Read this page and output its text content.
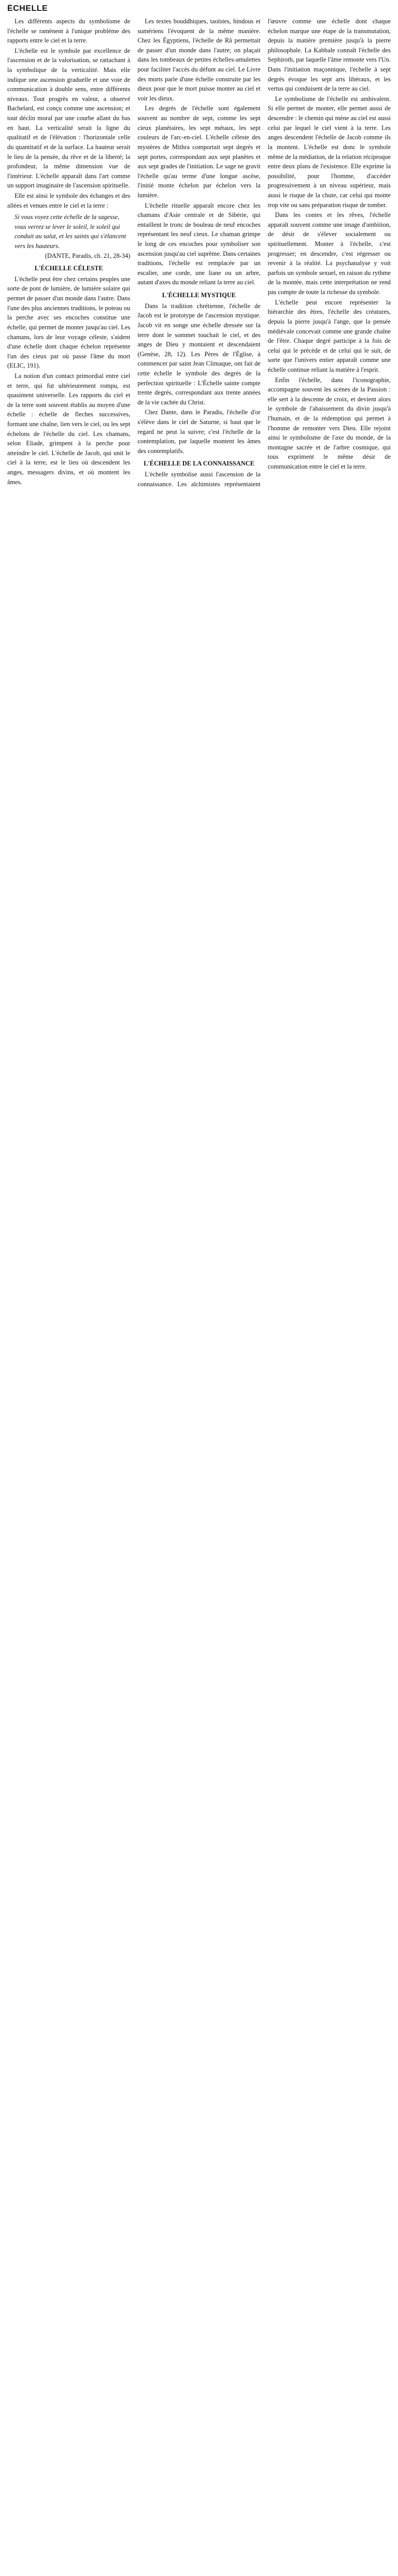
ÉCHELLE

Les différents aspects du symbolisme de l'échelle se ramènent à l'unique problème des rapports entre le ciel et la terre.

L'échelle est le symbole par excellence de l'ascension et de la valorisation, se rattachant à la symbolique de la verticalité. Mais elle indique une ascension graduelle et une voie de communication à double sens, entre différents niveaux. Tout progrès en valeur, a observé Bachelard, est conçu comme une ascension; et tout déclin moral par une courbe allant du bas en haut. La verticalité serait la ligne du qualitatif et de l'élévation : l'horizontale celle du quantitatif et de la surface. La hauteur serait le lieu de la pensée, du rêve et de la liberté; la profondeur, la même dimension vue de l'intérieur. L'échelle apparaît dans l'art comme un support imaginaire de l'ascension spirituelle.

Elle est ainsi le symbole des échanges et des allées et venues entre le ciel et la terre :

Si vous voyez cette échelle de la sagesse, vous verrez se lever le soleil, le soleil qui conduit au salut, et les saints qui s'élancent vers les hauteurs.
(DANTE, Paradis, ch. 21, 28-34)
L'ÉCHELLE CÉLESTE

L'échelle peut être chez certains peuples une sorte de pont de lumière, de lumière solaire qui permet de passer d'un monde dans l'autre. Dans l'une des plus anciennes traditions, le poteau ou la perche avec ses encoches constitue une échelle, qui permet de monter jusqu'au ciel. Les chamans, lors de leur voyage céleste, s'aident d'une échelle dont chaque échelon représente l'un des cieux par où passe l'âme du mort (ELIC, 191).

La notion d'un contact primordial entre ciel et terre, qui fut ultérieurement rompu, est quasiment universelle. Les rapports du ciel et de la terre sont souvent établis au moyen d'une échelle : échelle de fleches successives, formant une chaîne, lien vers le ciel, ou les sept échelons de l'échelle du ciel. Les chamans, selon Eliade, grimpent à la perche pour atteindre le ciel. L'échelle de Jacob, qui unit le ciel à la terre, est le lieu où descendent les anges, messagers divins, et où montent les âmes.

Les textes bouddhiques, taoïstes, hindous et sumériens l'évoquent de la même manière. Chez les Égyptiens, l'échelle de Râ permettait de passer d'un monde dans l'autre; on plaçait dans les tombeaux de petites échelles-amulettes pour faciliter l'accès du défunt au ciel. Le Livre des morts parle d'une échelle construite par les dieux pour que le mort puisse monter au ciel et voir les dieux.

Les degrés de l'échelle sont également souvent au nombre de sept, comme les sept cieux planétaires, les sept métaux, les sept couleurs de l'arc-en-ciel. L'échelle céleste des mystères de Mithra comportait sept degrés et sept portes, correspondant aux sept planètes et aux sept grades de l'initiation. Le sage ne gravit l'échelle qu'au terme d'une longue ascèse, l'initié monte échelon par échelon vers la lumière.

L'échelle rituelle apparaît encore chez les chamans d'Asie centrale et de Sibérie, qui entaillent le tronc de bouleau de neuf encoches représentant les neuf cieux. Le chaman grimpe le long de ces encoches pour symboliser son ascension jusqu'au ciel suprême. Dans certaines traditions, l'échelle est remplacée par un escalier, une corde, une liane ou un arbre, autant d'axes du monde reliant la terre au ciel.

L'ÉCHELLE MYSTIQUE

Dans la tradition chrétienne, l'échelle de Jacob est le prototype de l'ascension mystique. Jacob vit en songe une échelle dressée sur la terre dont le sommet touchait le ciel, et des anges de Dieu y montaient et descendaient (Genèse, 28, 12). Les Pères de l'Église, à commencer par saint Jean Climaque, ont fait de cette échelle le symbole des degrés de la perfection spirituelle : L'Échelle sainte compte trente degrés, correspondant aux trente années de la vie cachée du Christ.

Chez Dante, dans le Paradis, l'échelle d'or s'élève dans le ciel de Saturne, si haut que le regard ne peut la suivre; c'est l'échelle de la contemplation, par laquelle montent les âmes des contemplatifs.

L'ÉCHELLE DE LA CONNAISSANCE

L'échelle symbolise aussi l'ascension de la connaissance. Les alchimistes représentaient l'œuvre comme une échelle dont chaque échelon marque une étape de la transmutation, depuis la matière première jusqu'à la pierre philosophale. La Kabbale connaît l'échelle des Sephiroth, par laquelle l'âme remonte vers l'Un. Dans l'initiation maçonnique, l'échelle à sept degrés évoque les sept arts libéraux, et les vertus qui conduisent de la terre au ciel.

Le symbolisme de l'échelle est ambivalent. Si elle permet de monter, elle permet aussi de descendre : le chemin qui mène au ciel est aussi celui par lequel le ciel vient à la terre. Les anges descendent l'échelle de Jacob comme ils la montent. L'échelle est donc le symbole même de la médiation, de la relation réciproque entre deux plans de l'existence. Elle exprime la possibilité, pour l'homme, d'accéder progressivement à un niveau supérieur, mais aussi le risque de la chute, car celui qui monte trop vite ou sans préparation risque de tomber.

Dans les contes et les rêves, l'échelle apparaît souvent comme une image d'ambition, de désir de s'élever socialement ou spirituellement. Monter à l'échelle, c'est progresser; en descendre, c'est régresser ou revenir à la réalité. La psychanalyse y voit parfois un symbole sexuel, en raison du rythme de la montée, mais cette interprétation ne rend pas compte de toute la richesse du symbole.

L'échelle peut encore représenter la hiérarchie des êtres, l'échelle des créatures, depuis la pierre jusqu'à l'ange, que la pensée médiévale concevait comme une grande chaîne de l'être. Chaque degré participe à la fois de celui qui le précède et de celui qui le suit, de sorte que l'univers entier apparaît comme une échelle continue reliant la matière à l'esprit.

Enfin l'échelle, dans l'iconographie, accompagne souvent les scènes de la Passion : elle sert à la descente de croix, et devient alors le symbole de l'abaissement du divin jusqu'à l'humain, et de la rédemption qui permet à l'homme de remonter vers Dieu. Elle rejoint ainsi le symbolisme de l'axe du monde, de la montagne sacrée et de l'arbre cosmique, qui tous expriment le même désir de communication entre le ciel et la terre.
